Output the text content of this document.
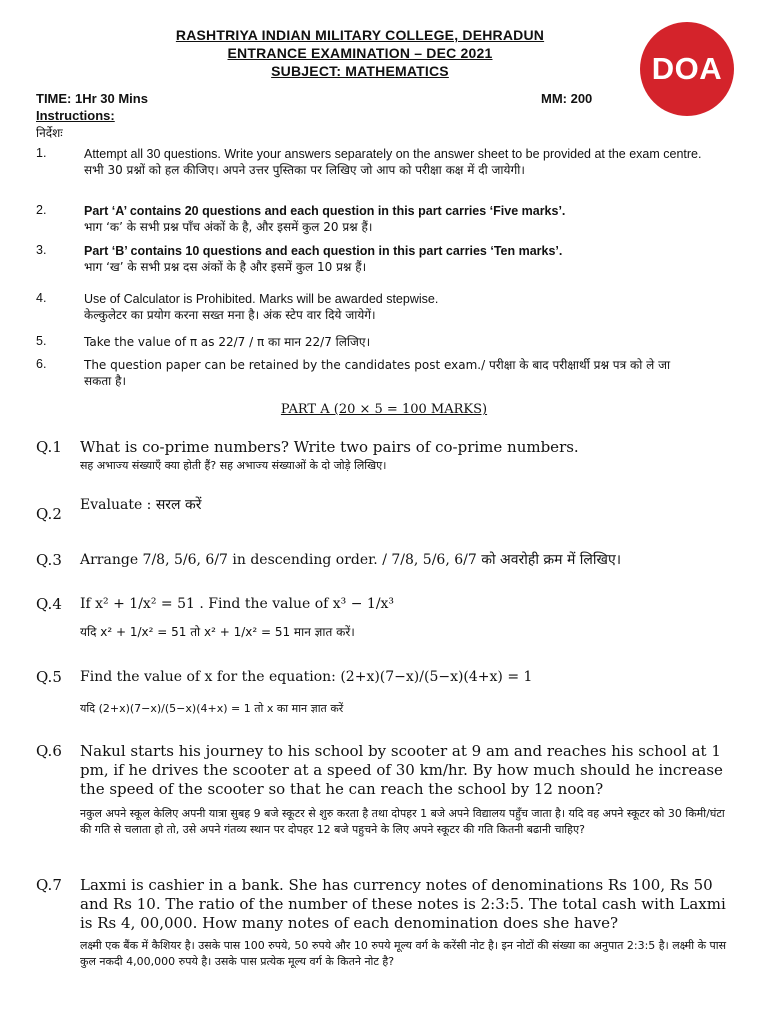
RASHTRIYA INDIAN MILITARY COLLEGE, DEHRADUN
ENTRANCE EXAMINATION – DEC 2021
SUBJECT: MATHEMATICS	DOA
TIME: 1Hr 30 Mins	MM: 200
Instructions:
निर्देशः
1.	Attempt all 30 questions. Write your answers separately on the answer sheet to be provided at the exam centre.
सभी 30 प्रश्नों को हल कीजिए। अपने उत्तर पुस्तिका पर लिखिए जो आप को परीक्षा कक्ष में दी जायेगी।
2.	Part ‘A’ contains 20 questions and each question in this part carries ‘Five marks’.
भाग ‘क’ के सभी प्रश्न पाँच अंकों के है, और इसमें कुल 20 प्रश्न हैं।
3.	Part ‘B’ contains 10 questions and each question in this part carries ‘Ten marks’.
भाग ‘ख’ के सभी प्रश्न दस अंकों के है और इसमें कुल 10 प्रश्न हैं।
4.	Use of Calculator is Prohibited. Marks will be awarded stepwise.
केल्कुलेटर का प्रयोग करना सख्त मना है। अंक स्टेप वार दिये जायेगें।
5.	Take the value of π as 22/7 / π का मान 22/7 लिजिए।
6.	The question paper can be retained by the candidates post exam./ परीक्षा के बाद परीक्षार्थी प्रश्न पत्र को ले जा सकता है।
PART A (20 × 5 = 100 MARKS)
Q.1 What is co-prime numbers? Write two pairs of co-prime numbers.
सह अभाज्य संख्याएँ क्या होती हैं? सह अभाज्य संख्याओं के दो जोड़े लिखिए।
Q.2 Evaluate : सरल करें
Q.3 Arrange 7/8, 5/6, 6/7 in descending order. / 7/8, 5/6, 6/7 को अवरोही क्रम में लिखिए।
Q.4 If x² + 1/x² = 51 . Find the value of x³ − 1/x³
यदि x² + 1/x² = 51 तो x² + 1/x² = 51 मान ज्ञात करें।
Q.5 Find the value of x for the equation: (2+x)(7−x)/(5−x)(4+x) = 1
यदि (2+x)(7−x)/(5−x)(4+x) = 1 तो x का मान ज्ञात करें
Q.6 Nakul starts his journey to his school by scooter at 9 am and reaches his school at 1 pm, if he drives the scooter at a speed of 30 km/hr. By how much should he increase the speed of the scooter so that he can reach the school by 12 noon?
नकुल अपने स्कूल केलिए अपनी यात्रा सुबह 9 बजे स्कूटर से शुरु करता है तथा दोपहर 1 बजे अपने विद्यालय पहुँच जाता है। यदि वह अपने स्कूटर को 30 किमी/घंटा की गति से चलाता हो तो, उसे अपने गंतव्य स्थान पर दोपहर 12 बजे पहुचने के लिए अपने स्कूटर की गति कितनी बढानी चाहिए?
Q.7 Laxmi is cashier in a bank. She has currency notes of denominations Rs 100, Rs 50 and Rs 10. The ratio of the number of these notes is 2:3:5. The total cash with Laxmi is Rs 4, 00,000. How many notes of each denomination does she have?
लक्ष्मी एक बैंक में कैशियर है। उसके पास 100 रुपये, 50 रुपये और 10 रुपये मूल्य वर्ग के करेंसी नोट है। इन नोटों की संख्या का अनुपात 2:3:5 है। लक्ष्मी के पास कुल नकदी 4,00,000 रुपये है। उसके पास प्रत्येक मूल्य वर्ग के कितने नोट है?
